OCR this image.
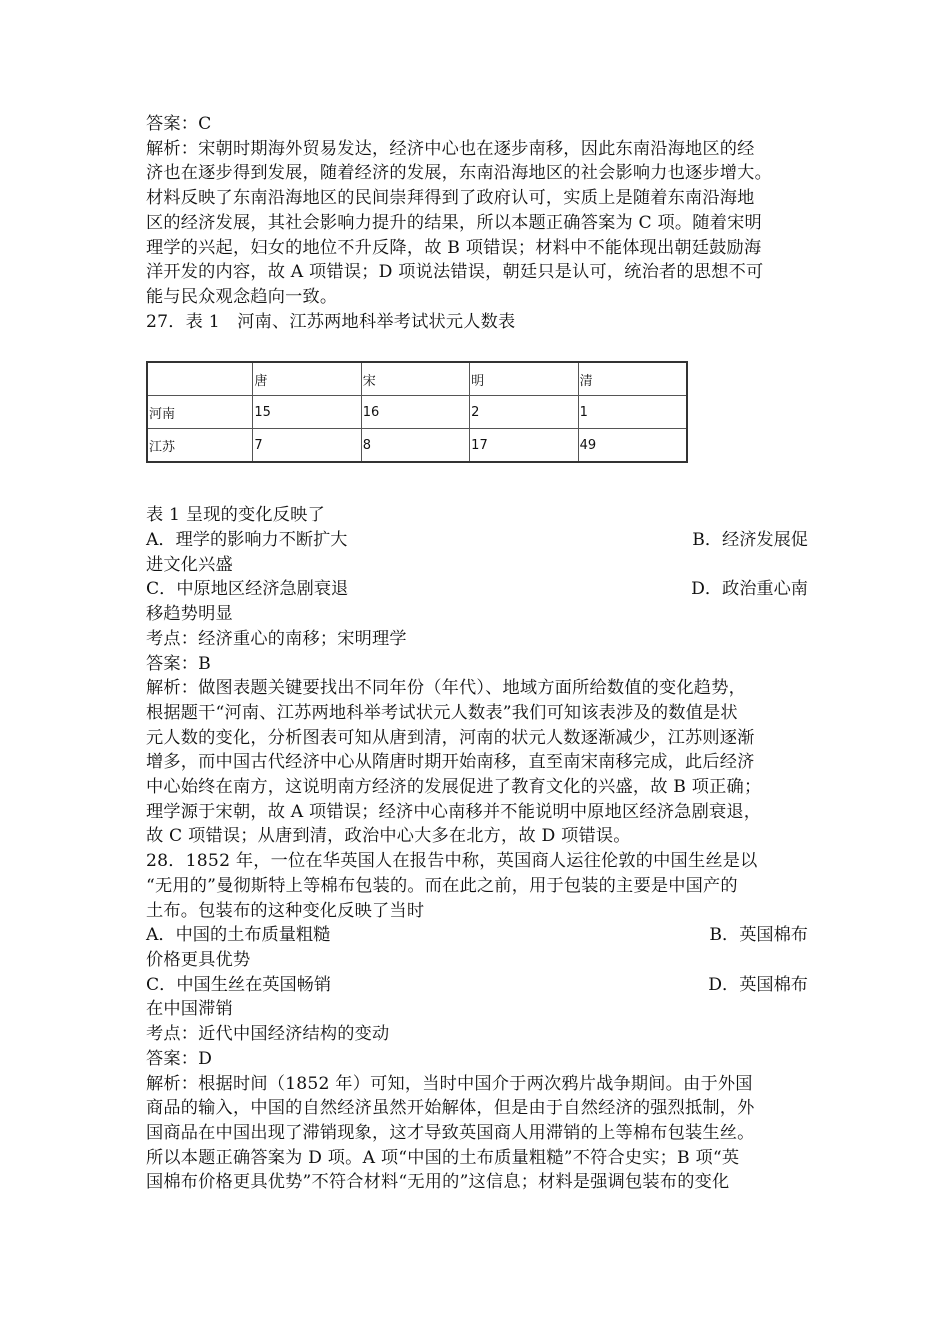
答案：C
解析：宋朝时期海外贸易发达，经济中心也在逐步南移，因此东南沿海地区的经
济也在逐步得到发展，随着经济的发展，东南沿海地区的社会影响力也逐步增大。
材料反映了东南沿海地区的民间崇拜得到了政府认可，实质上是随着东南沿海地
区的经济发展，其社会影响力提升的结果，所以本题正确答案为 C 项。随着宋明
理学的兴起，妇女的地位不升反降，故 B 项错误；材料中不能体现出朝廷鼓励海
洋开发的内容，故 A 项错误；D 项说法错误，朝廷只是认可，统治者的思想不可
能与民众观念趋向一致。
27．表 1　河南、江苏两地科举考试状元人数表
	唐	宋	明	清
河南	15	16	2	1
江苏	7	8	17	49
表 1 呈现的变化反映了
A．理学的影响力不断扩大	B．经济发展促
进文化兴盛
C．中原地区经济急剧衰退	D．政治重心南
移趋势明显
考点：经济重心的南移；宋明理学
答案：B
解析：做图表题关键要找出不同年份（年代）、地域方面所给数值的变化趋势，
根据题干“河南、江苏两地科举考试状元人数表”我们可知该表涉及的数值是状
元人数的变化，分析图表可知从唐到清，河南的状元人数逐渐减少，江苏则逐渐
增多，而中国古代经济中心从隋唐时期开始南移，直至南宋南移完成，此后经济
中心始终在南方，这说明南方经济的发展促进了教育文化的兴盛，故 B 项正确；
理学源于宋朝，故 A 项错误；经济中心南移并不能说明中原地区经济急剧衰退，
故 C 项错误；从唐到清，政治中心大多在北方，故 D 项错误。
28．1852 年，一位在华英国人在报告中称，英国商人运往伦敦的中国生丝是以
“无用的”曼彻斯特上等棉布包装的。而在此之前，用于包装的主要是中国产的
土布。包装布的这种变化反映了当时
A．中国的土布质量粗糙	B．英国棉布
价格更具优势
C．中国生丝在英国畅销	D．英国棉布
在中国滞销
考点：近代中国经济结构的变动
答案：D
解析：根据时间（1852 年）可知，当时中国介于两次鸦片战争期间。由于外国
商品的输入，中国的自然经济虽然开始解体，但是由于自然经济的强烈抵制，外
国商品在中国出现了滞销现象，这才导致英国商人用滞销的上等棉布包装生丝。
所以本题正确答案为 D 项。A 项“中国的土布质量粗糙”不符合史实；B 项“英
国棉布价格更具优势”不符合材料“无用的”这信息；材料是强调包装布的变化
